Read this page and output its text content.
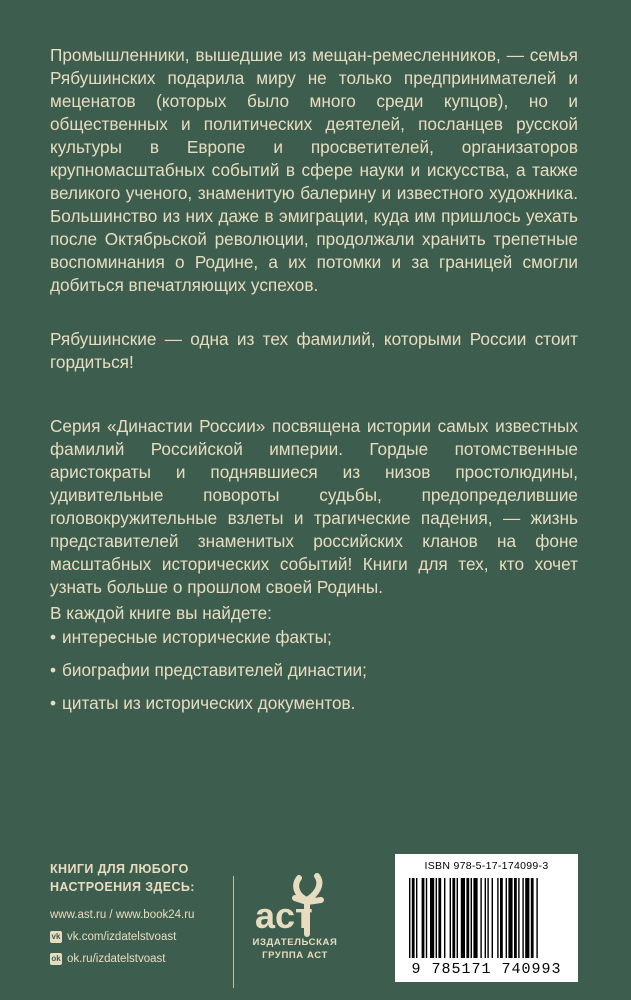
Промышленники, вышедшие из мещан-ремесленников, — семья Рябушинских подарила миру не только предпринимателей и меценатов (которых было много среди купцов), но и общественных и политических деятелей, посланцев русской культуры в Европе и просветителей, организаторов крупномасштабных событий в сфере науки и искусства, а также великого ученого, знаменитую балерину и известного художника. Большинство из них даже в эмиграции, куда им пришлось уехать после Октябрьской революции, продолжали хранить трепетные воспоминания о Родине, а их потомки и за границей смогли добиться впечатляющих успехов.

Рябушинские — одна из тех фамилий, которыми России стоит гордиться!

Серия «Династии России» посвящена истории самых известных фамилий Российской империи. Гордые потомственные аристократы и поднявшиеся из низов простолюдины, удивительные повороты судьбы, предопределившие головокружительные взлеты и трагические падения, — жизнь представителей знаменитых российских кланов на фоне масштабных исторических событий! Книги для тех, кто хочет узнать больше о прошлом своей Родины.

В каждой книге вы найдете:

• интересные исторические факты;
• биографии представителей династии;
• цитаты из исторических документов.
КНИГИ ДЛЯ ЛЮБОГО
НАСТРОЕНИЯ ЗДЕСЬ:
www.ast.ru / www.book24.ru
vk vk.com/izdatelstvoast
ok ok.ru/izdatelstvoast
аст
ИЗДАТЕЛЬСКАЯ
ГРУППА АСТ
ISBN 978-5-17-174099-3
9 785171 740993
